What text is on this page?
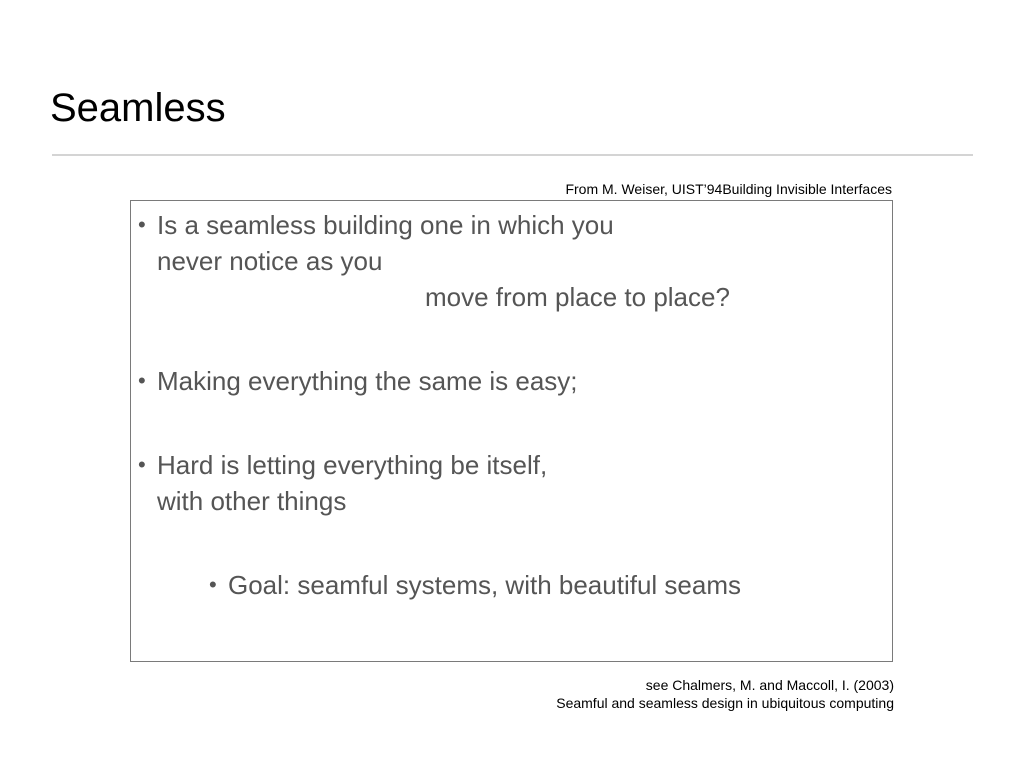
Seamless
From M. Weiser, UIST’94Building Invisible Interfaces
• Is a seamless building one in which you
never notice as you
move from place to place?
• Making everything the same is easy;
• Hard is letting everything be itself,
with other things
• Goal: seamful systems, with beautiful seams
see Chalmers, M. and Maccoll, I. (2003)
Seamful and seamless design in ubiquitous computing
